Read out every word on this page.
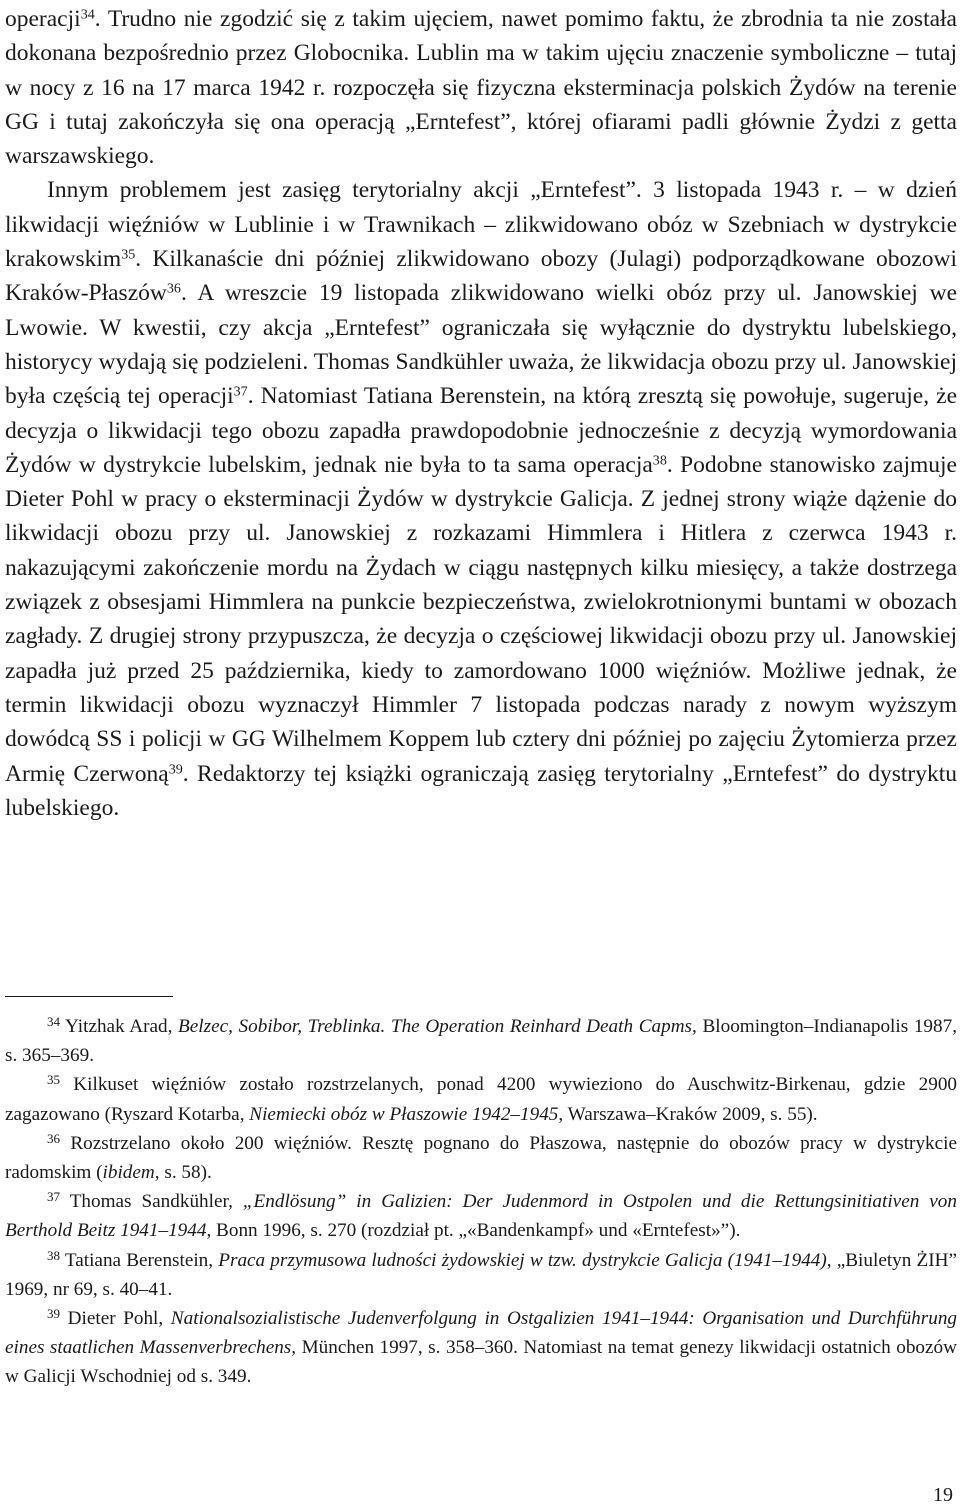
operacji$^{34}$. Trudno nie zgodzić się z takim ujęciem, nawet pomimo faktu, że zbrodnia ta nie została dokonana bezpośrednio przez Globocnika. Lublin ma w takim ujęciu znaczenie symboliczne – tutaj w nocy z 16 na 17 marca 1942 r. rozpoczęła się fizyczna eksterminacja polskich Żydów na terenie GG i tutaj zakończyła się ona operacją „Erntefest”, której ofiarami padli głównie Żydzi z getta warszawskiego.

Innym problemem jest zasięg terytorialny akcji „Erntefest”. 3 listopada 1943 r. – w dzień likwidacji więźniów w Lublinie i w Trawnikach – zlikwidowano obóz w Szebniach w dystrykcie krakowskim$^{35}$. Kilkanaście dni później zlikwidowano obozy (Julagi) podporządkowane obozowi Kraków-Płaszów$^{36}$. A wreszcie 19 listopada zlikwidowano wielki obóz przy ul. Janowskiej we Lwowie. W kwestii, czy akcja „Erntefest” ograniczała się wyłącznie do dystryktu lubelskiego, historycy wydają się podzieleni. Thomas Sandkühler uważa, że likwidacja obozu przy ul. Janowskiej była częścią tej operacji$^{37}$. Natomiast Tatiana Berenstein, na którą zresztą się powołuje, sugeruje, że decyzja o likwidacji tego obozu zapadła prawdopodobnie jednocześnie z decyzją wymordowania Żydów w dystrykcie lubelskim, jednak nie była to ta sama operacja$^{38}$. Podobne stanowisko zajmuje Dieter Pohl w pracy o eksterminacji Żydów w dystrykcie Galicja. Z jednej strony wiąże dążenie do likwidacji obozu przy ul. Janowskiej z rozkazami Himmlera i Hitlera z czerwca 1943 r. nakazującymi zakończenie mordu na Żydach w ciągu następnych kilku miesięcy, a także dostrzega związek z obsesjami Himmlera na punkcie bezpieczeństwa, zwielokrotnionymi buntami w obozach zagłady. Z drugiej strony przypuszcza, że decyzja o częściowej likwidacji obozu przy ul. Janowskiej zapadła już przed 25 października, kiedy to zamordowano 1000 więźniów. Możliwe jednak, że termin likwidacji obozu wyznaczył Himmler 7 listopada podczas narady z nowym wyższym dowódcą SS i policji w GG Wilhelmem Koppem lub cztery dni później po zajęciu Żytomierza przez Armię Czerwoną$^{39}$. Redaktorzy tej książki ograniczają zasięg terytorialny „Erntefest” do dystryktu lubelskiego.

$^{34}$ Yitzhak Arad, Belzec, Sobibor, Treblinka. The Operation Reinhard Death Capms, Bloomington–Indianapolis 1987, s. 365–369.

$^{35}$ Kilkuset więźniów zostało rozstrzelanych, ponad 4200 wywieziono do Auschwitz-Birkenau, gdzie 2900 zagazowano (Ryszard Kotarba, Niemiecki obóz w Płaszowie 1942–1945, Warszawa–Kraków 2009, s. 55).

$^{36}$ Rozstrzelano około 200 więźniów. Resztę pognano do Płaszowa, następnie do obozów pracy w dystrykcie radomskim (ibidem, s. 58).

$^{37}$ Thomas Sandkühler, „Endlösung” in Galizien: Der Judenmord in Ostpolen und die Rettungsinitiativen von Berthold Beitz 1941–1944, Bonn 1996, s. 270 (rozdział pt. „«Bandenkampf» und «Erntefest»”).

$^{38}$ Tatiana Berenstein, Praca przymusowa ludności żydowskiej w tzw. dystrykcie Galicja (1941–1944), „Biuletyn ŻIH” 1969, nr 69, s. 40–41.

$^{39}$ Dieter Pohl, Nationalsozialistische Judenverfolgung in Ostgalizien 1941–1944: Organisation und Durchführung eines staatlichen Massenverbrechens, München 1997, s. 358–360. Natomiast na temat genezy likwidacji ostatnich obozów w Galicji Wschodniej od s. 349.

19
